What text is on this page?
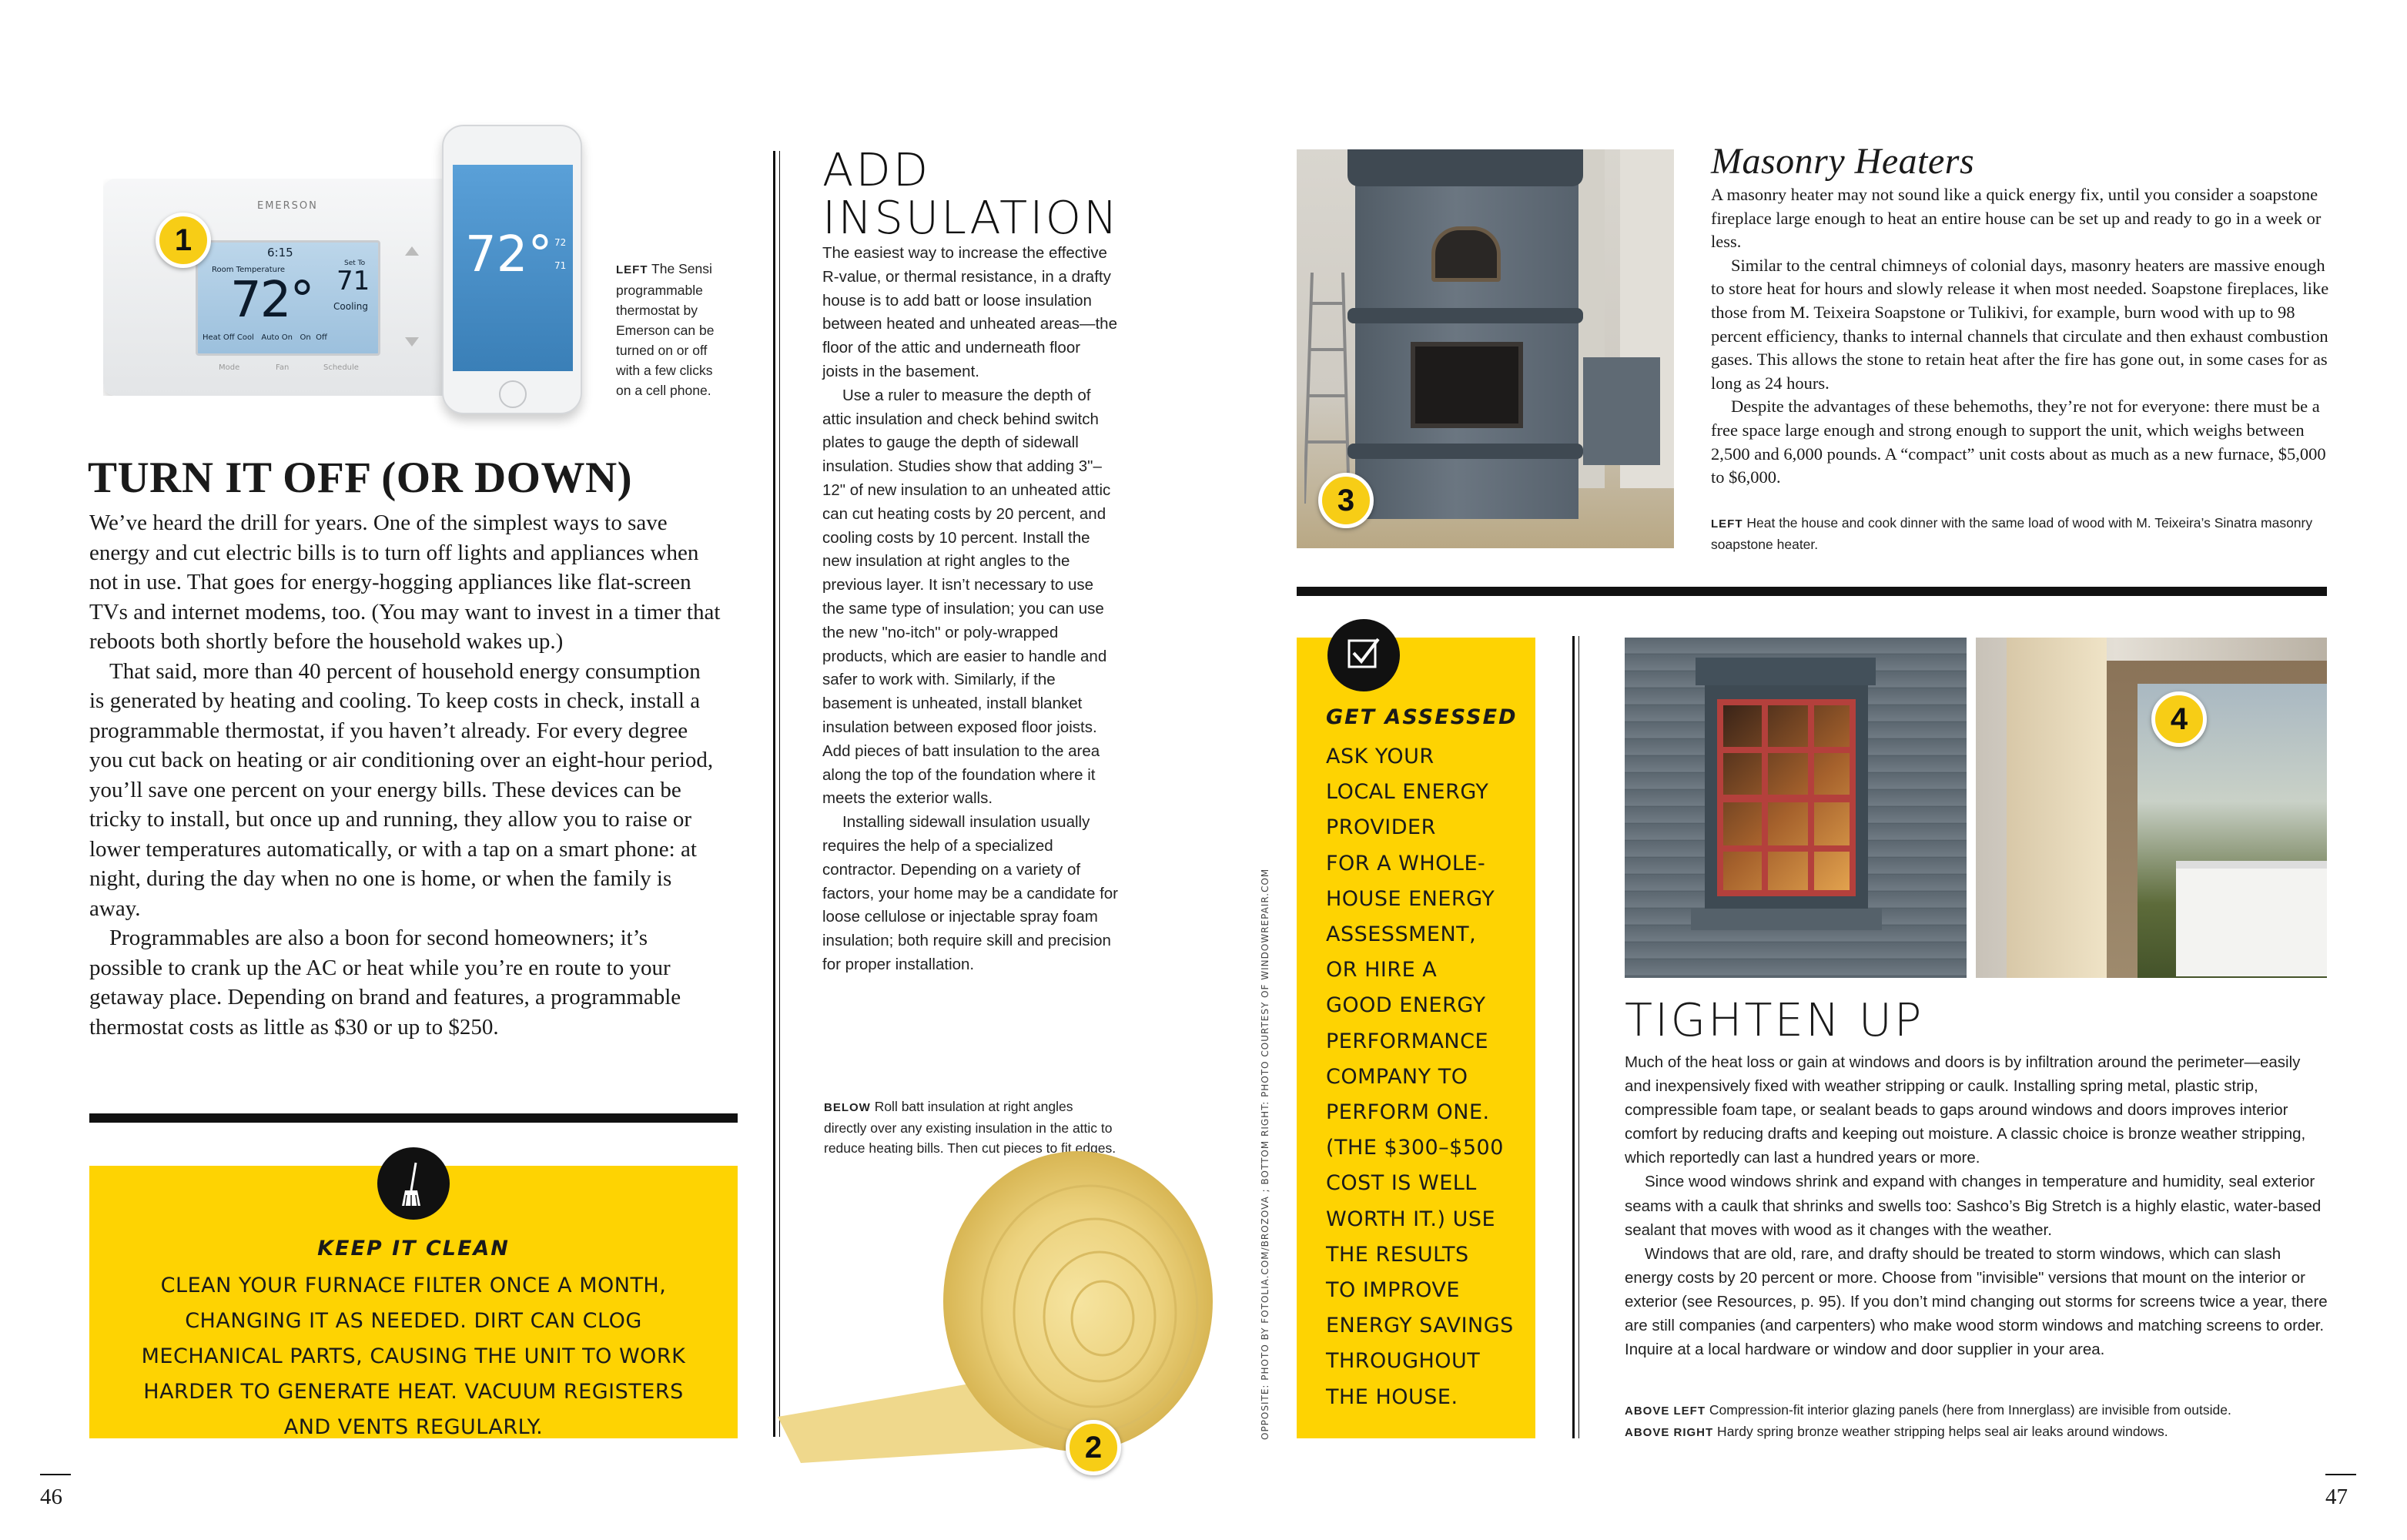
EMERSON
6:15
Room Temperature
72°
Set To
71
Cooling
Heat Off Cool   Auto On   On  Off
Mode	Fan	Schedule
72° 72
71
1
LEFT The Sensi programmable thermostat by Emerson can be turned on or off with a few clicks on a cell phone.
TURN IT OFF (OR DOWN)

We’ve heard the drill for years. One of the simplest ways to save energy and cut electric bills is to turn off lights and appliances when not in use. That goes for energy-hogging appliances like flat-screen TVs and internet modems, too. (You may want to invest in a timer that reboots both shortly before the household wakes up.)

That said, more than 40 percent of household energy consumption is generated by heating and cooling. To keep costs in check, install a programmable thermostat, if you haven’t already. For every degree you cut back on heating or air conditioning over an eight-hour period, you’ll save one percent on your energy bills. These devices can be tricky to install, but once up and running, they allow you to raise or lower temperatures automatically, or with a tap on a smart phone: at night, during the day when no one is home, or when the family is away.

Programmables are also a boon for second homeowners; it’s possible to crank up the AC or heat while you’re en route to your getaway place. Depending on brand and features, a programmable thermostat costs as little as $30 or up to $250.

KEEP IT CLEAN
CLEAN YOUR FURNACE FILTER ONCE A MONTH, CHANGING IT AS NEEDED. DIRT CAN CLOG MECHANICAL PARTS, CAUSING THE UNIT TO WORK HARDER TO GENERATE HEAT. VACUUM REGISTERS AND VENTS REGULARLY.
46
ADD
INSULATION

The easiest way to increase the effective R-value, or thermal resistance, in a drafty house is to add batt or loose insulation between heated and unheated areas—the floor of the attic and underneath floor joists in the basement.

Use a ruler to measure the depth of attic insulation and check behind switch plates to gauge the depth of sidewall insulation. Studies show that adding 3"–12" of new insulation to an unheated attic can cut heating costs by 20 percent, and cooling costs by 10 percent. Install the new insulation at right angles to the previous layer. It isn’t necessary to use the same type of insulation; you can use the new "no-itch" or poly-wrapped products, which are easier to handle and safer to work with. Similarly, if the basement is unheated, install blanket insulation between exposed floor joists. Add pieces of batt insulation to the area along the top of the foundation where it meets the exterior walls.

Installing sidewall insulation usually requires the help of a specialized contractor. Depending on a variety of factors, your home may be a candidate for loose cellulose or injectable spray foam insulation; both require skill and precision for proper installation.

BELOW Roll batt insulation at right angles directly over any existing insulation in the attic to reduce heating bills. Then cut pieces to fit edges.
2
OPPOSITE: PHOTO BY FOTOLIA.COM/BROZOVA ; BOTTOM RIGHT: PHOTO COURTESY OF WINDOWREPAIR.COM
3
Masonry Heaters

A masonry heater may not sound like a quick energy fix, until you consider a soapstone fireplace large enough to heat an entire house can be set up and ready to go in a week or less.

Similar to the central chimneys of colonial days, masonry heaters are massive enough to store heat for hours and slowly release it when most needed. Soapstone fireplaces, like those from M. Teixeira Soapstone or Tulikivi, for example, burn wood with up to 98 percent efficiency, thanks to internal channels that circulate and then exhaust combustion gases. This allows the stone to retain heat after the fire has gone out, in some cases for as long as 24 hours.

Despite the advantages of these behemoths, they’re not for everyone: there must be a free space large enough and strong enough to support the unit, which weighs between 2,500 and 6,000 pounds. A “compact” unit costs about as much as a new furnace, $5,000 to $6,000.

LEFT Heat the house and cook dinner with the same load of wood with M. Teixeira’s Sinatra masonry soapstone heater.
GET ASSESSED
ASK YOUR
LOCAL ENERGY
PROVIDER
FOR A WHOLE-
HOUSE ENERGY
ASSESSMENT,
OR HIRE A
GOOD ENERGY
PERFORMANCE
COMPANY TO
PERFORM ONE.
(THE $300–$500
COST IS WELL
WORTH IT.) USE
THE RESULTS
TO IMPROVE
ENERGY SAVINGS
THROUGHOUT
THE HOUSE.
4
TIGHTEN UP

Much of the heat loss or gain at windows and doors is by infiltration around the perimeter—easily and inexpensively fixed with weather stripping or caulk. Installing spring metal, plastic strip, compressible foam tape, or sealant beads to gaps around windows and doors improves interior comfort by reducing drafts and keeping out moisture. A classic choice is bronze weather stripping, which reportedly can last a hundred years or more.

Since wood windows shrink and expand with changes in temperature and humidity, seal exterior seams with a caulk that shrinks and swells too: Sashco’s Big Stretch is a highly elastic, water-based sealant that moves with wood as it changes with the weather.

Windows that are old, rare, and drafty should be treated to storm windows, which can slash energy costs by 20 percent or more. Choose from "invisible" versions that mount on the interior or exterior (see Resources, p. 95). If you don’t mind changing out storms for screens twice a year, there are still companies (and carpenters) who make wood storm windows and matching screens to order. Inquire at a local hardware or window and door supplier in your area.

ABOVE LEFT Compression-fit interior glazing panels (here from Innerglass) are invisible from outside.
ABOVE RIGHT Hardy spring bronze weather stripping helps seal air leaks around windows.
47
